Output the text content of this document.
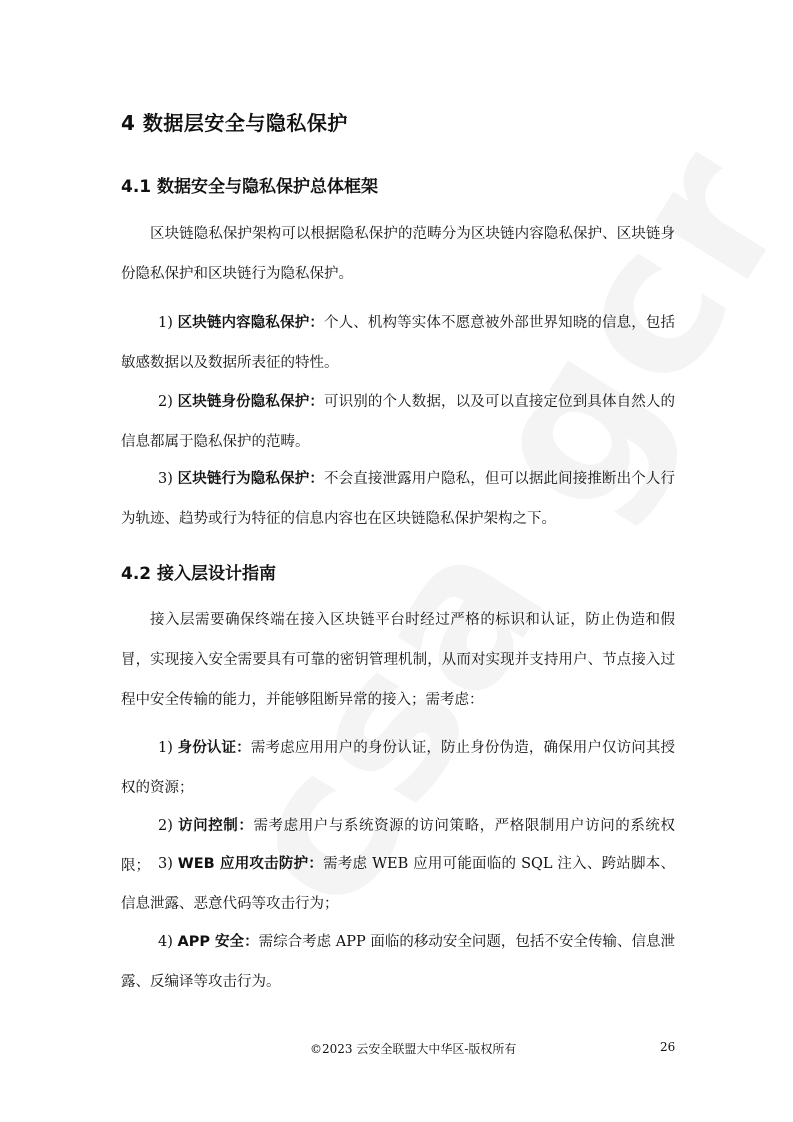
4 数据层安全与隐私保护
4.1 数据安全与隐私保护总体框架

区块链隐私保护架构可以根据隐私保护的范畴分为区块链内容隐私保护、区块链身份隐私保护和区块链行为隐私保护。

1) 区块链内容隐私保护：个人、机构等实体不愿意被外部世界知晓的信息，包括敏感数据以及数据所表征的特性。

2) 区块链身份隐私保护：可识别的个人数据，以及可以直接定位到具体自然人的信息都属于隐私保护的范畴。

3) 区块链行为隐私保护：不会直接泄露用户隐私，但可以据此间接推断出个人行为轨迹、趋势或行为特征的信息内容也在区块链隐私保护架构之下。

4.2 接入层设计指南

接入层需要确保终端在接入区块链平台时经过严格的标识和认证，防止伪造和假冒，实现接入安全需要具有可靠的密钥管理机制，从而对实现并支持用户、节点接入过程中安全传输的能力，并能够阻断异常的接入；需考虑：

1) 身份认证：需考虑应用用户的身份认证，防止身份伪造，确保用户仅访问其授权的资源；

2) 访问控制：需考虑用户与系统资源的访问策略，严格限制用户访问的系统权限； 3) WEB 应用攻击防护：需考虑 WEB 应用可能面临的 SQL 注入、跨站脚本、信息泄露、恶意代码等攻击行为；

4) APP 安全：需综合考虑 APP 面临的移动安全问题，包括不安全传输、信息泄露、反编译等攻击行为。

©2023 云安全联盟大中华区-版权所有	26
